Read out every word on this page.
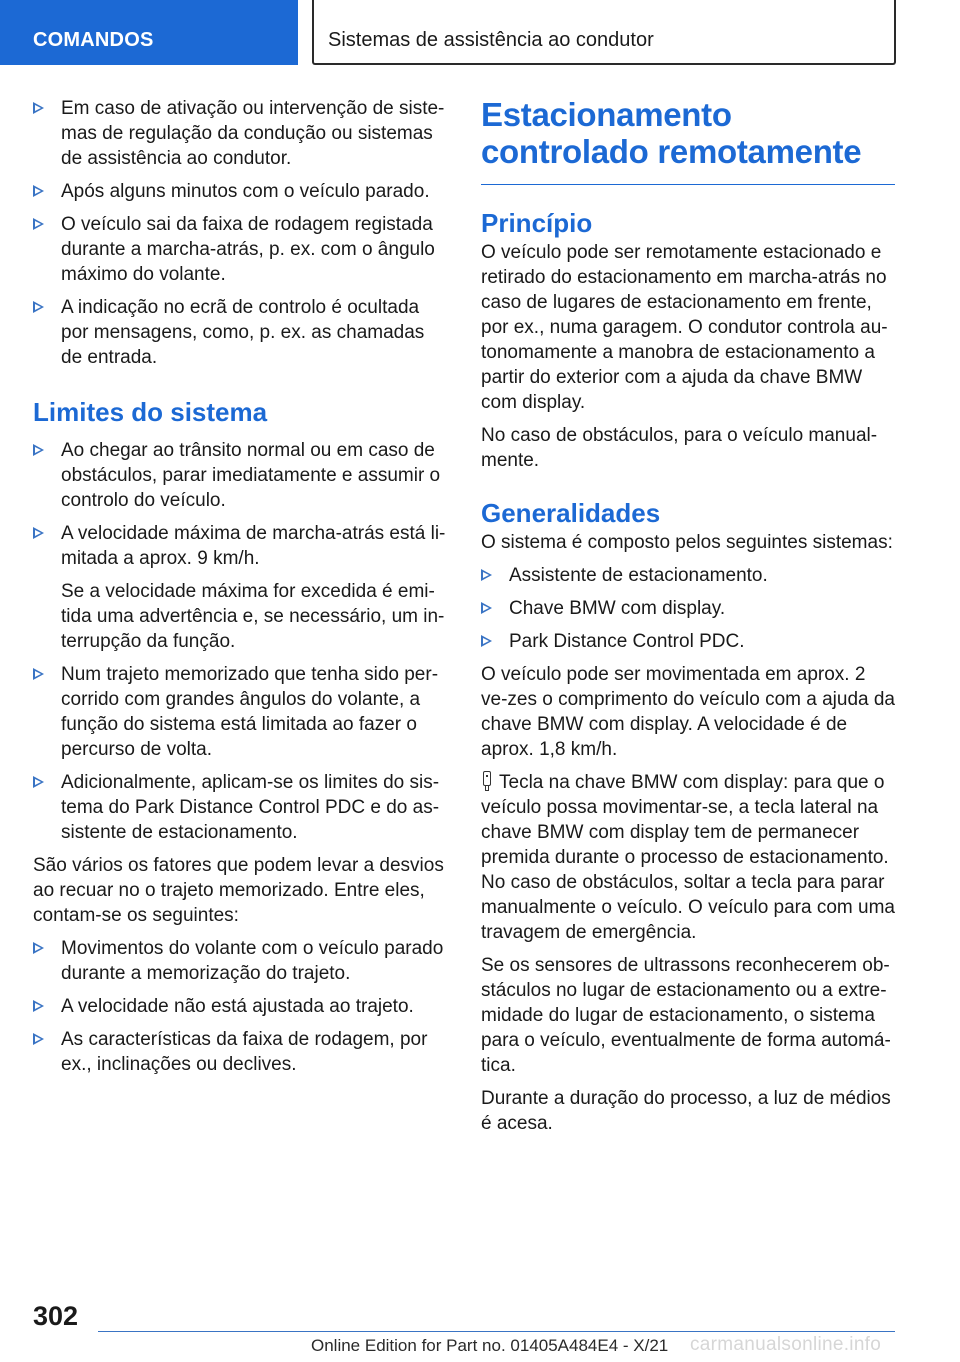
COMANDOS	Sistemas de assistência ao condutor
Em caso de ativação ou intervenção de siste-mas de regulação da condução ou sistemas de assistência ao condutor.
Após alguns minutos com o veículo parado.
O veículo sai da faixa de rodagem registada durante a marcha-atrás, p. ex. com o ângulo máximo do volante.
A indicação no ecrã de controlo é ocultada por mensagens, como, p. ex. as chamadas de entrada.
Limites do sistema
Ao chegar ao trânsito normal ou em caso de obstáculos, parar imediatamente e assumir o controlo do veículo.
A velocidade máxima de marcha-atrás está li-mitada a aprox. 9 km/h.
Se a velocidade máxima for excedida é emi-tida uma advertência e, se necessário, um in-terrupção da função.
Num trajeto memorizado que tenha sido per-corrido com grandes ângulos do volante, a função do sistema está limitada ao fazer o percurso de volta.
Adicionalmente, aplicam-se os limites do sis-tema do Park Distance Control PDC e do as-sistente de estacionamento.
São vários os fatores que podem levar a desvios ao recuar no o trajeto memorizado. Entre eles, contam-se os seguintes:
Movimentos do volante com o veículo parado durante a memorização do trajeto.
A velocidade não está ajustada ao trajeto.
As características da faixa de rodagem, por ex., inclinações ou declives.
Estacionamento controlado remotamente
Princípio
O veículo pode ser remotamente estacionado e retirado do estacionamento em marcha-atrás no caso de lugares de estacionamento em frente, por ex., numa garagem. O condutor controla au-tonomamente a manobra de estacionamento a partir do exterior com a ajuda da chave BMW com display.
No caso de obstáculos, para o veículo manual-mente.
Generalidades
O sistema é composto pelos seguintes sistemas:
Assistente de estacionamento.
Chave BMW com display.
Park Distance Control PDC.
O veículo pode ser movimentada em aprox. 2 ve-zes o comprimento do veículo com a ajuda da chave BMW com display. A velocidade é de aprox. 1,8 km/h.
Tecla na chave BMW com display: para que o veículo possa movimentar-se, a tecla lateral na chave BMW com display tem de permanecer premida durante o processo de estacionamento. No caso de obstáculos, soltar a tecla para parar manualmente o veículo. O veículo para com uma travagem de emergência.
Se os sensores de ultrassons reconhecerem ob-stáculos no lugar de estacionamento ou a extre-midade do lugar de estacionamento, o sistema para o veículo, eventualmente de forma automá-tica.
Durante a duração do processo, a luz de médios é acesa.
302
Online Edition for Part no. 01405A484E4 - X/21 carmanualsonline.info
